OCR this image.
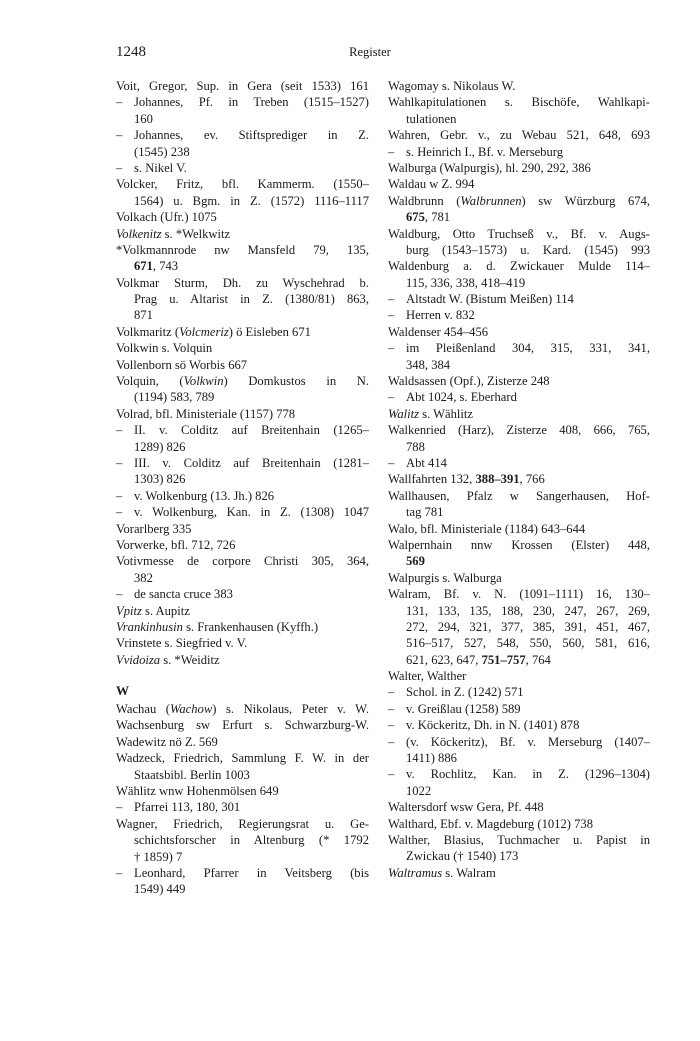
1248	Register
Voit, Gregor, Sup. in Gera (seit 1533) 161
–Johannes, Pf. in Treben (1515–1527)
160
–Johannes, ev. Stiftsprediger in Z.
(1545) 238
–s. Nikel V.
Volcker, Fritz, bfl. Kammerm. (1550–
1564) u. Bgm. in Z. (1572) 1116–1117
Volkach (Ufr.) 1075
Volkenitz s. *Welkwitz
*Volkmannrode nw Mansfeld 79, 135,
671, 743
Volkmar Sturm, Dh. zu Wyschehrad b.
Prag u. Altarist in Z. (1380/81) 863,
871
Volkmaritz (Volcmeriz) ö Eisleben 671
Volkwin s. Volquin
Vollenborn sö Worbis 667
Volquin, (Volkwin) Domkustos in N.
(1194) 583, 789
Volrad, bfl. Ministeriale (1157) 778
–II. v. Colditz auf Breitenhain (1265–
1289) 826
–III. v. Colditz auf Breitenhain (1281–
1303) 826
–v. Wolkenburg (13. Jh.) 826
–v. Wolkenburg, Kan. in Z. (1308) 1047
Vorarlberg 335
Vorwerke, bfl. 712, 726
Votivmesse de corpore Christi 305, 364,
382
–de sancta cruce 383
Vpitz s. Aupitz
Vrankinhusin s. Frankenhausen (Kyffh.)
Vrinstete s. Siegfried v. V.
Vvidoiza s. *Weiditz
W
Wachau (Wachow) s. Nikolaus, Peter v. W.
Wachsenburg sw Erfurt s. Schwarzburg-W.
Wadewitz nö Z. 569
Wadzeck, Friedrich, Sammlung F. W. in der
Staatsbibl. Berlin 1003
Wählitz wnw Hohenmölsen 649
–Pfarrei 113, 180, 301
Wagner, Friedrich, Regierungsrat u. Ge-
schichtsforscher in Altenburg (* 1792
† 1859) 7
–Leonhard, Pfarrer in Veitsberg (bis
1549) 449
Wagomay s. Nikolaus W.
Wahlkapitulationen s. Bischöfe, Wahlkapi-
tulationen
Wahren, Gebr. v., zu Webau 521, 648, 693
–s. Heinrich I., Bf. v. Merseburg
Walburga (Walpurgis), hl. 290, 292, 386
Waldau w Z. 994
Waldbrunn (Walbrunnen) sw Würzburg 674,
675, 781
Waldburg, Otto Truchseß v., Bf. v. Augs-
burg (1543–1573) u. Kard. (1545) 993
Waldenburg a. d. Zwickauer Mulde 114–
115, 336, 338, 418–419
–Altstadt W. (Bistum Meißen) 114
–Herren v. 832
Waldenser 454–456
–im Pleißenland 304, 315, 331, 341,
348, 384
Waldsassen (Opf.), Zisterze 248
–Abt 1024, s. Eberhard
Walitz s. Wählitz
Walkenried (Harz), Zisterze 408, 666, 765,
788
–Abt 414
Wallfahrten 132, 388–391, 766
Wallhausen, Pfalz w Sangerhausen, Hof-
tag 781
Walo, bfl. Ministeriale (1184) 643–644
Walpernhain nnw Krossen (Elster) 448,
569
Walpurgis s. Walburga
Walram, Bf. v. N. (1091–1111) 16, 130–
131, 133, 135, 188, 230, 247, 267, 269,
272, 294, 321, 377, 385, 391, 451, 467,
516–517, 527, 548, 550, 560, 581, 616,
621, 623, 647, 751–757, 764
Walter, Walther
–Schol. in Z. (1242) 571
–v. Greißlau (1258) 589
–v. Köckeritz, Dh. in N. (1401) 878
–(v. Köckeritz), Bf. v. Merseburg (1407–
1411) 886
–v. Rochlitz, Kan. in Z. (1296–1304)
1022
Waltersdorf wsw Gera, Pf. 448
Walthard, Ebf. v. Magdeburg (1012) 738
Walther, Blasius, Tuchmacher u. Papist in
Zwickau († 1540) 173
Waltramus s. Walram
